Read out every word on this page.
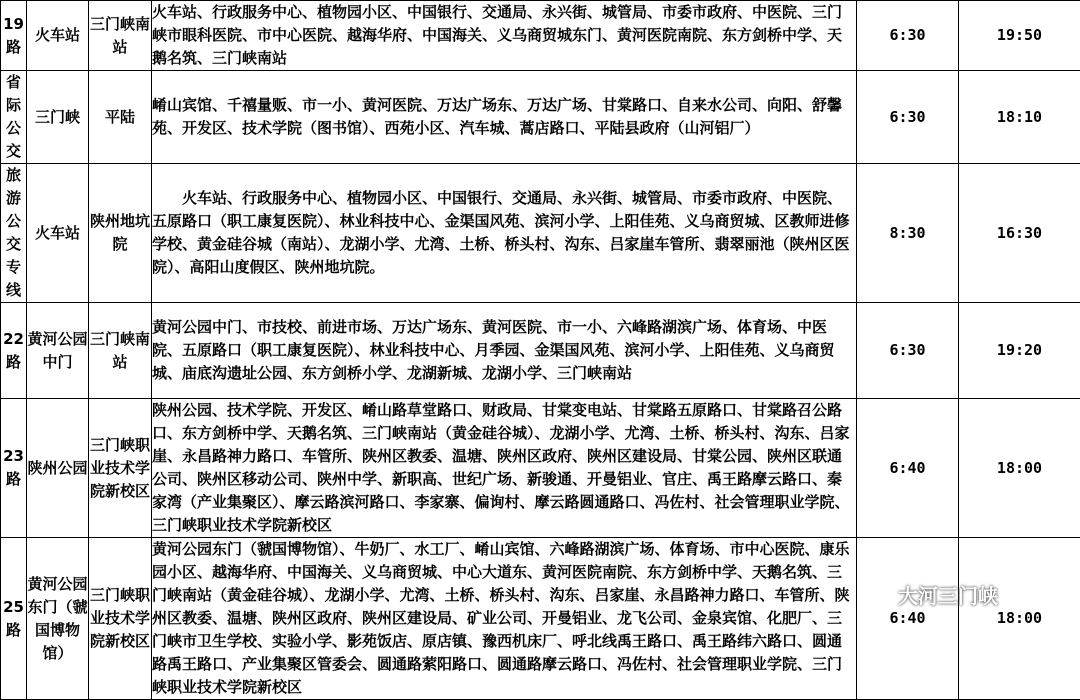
19路	火车站	三门峡南站	火车站、行政服务中心、植物园小区、中国银行、交通局、永兴街、城管局、市委市政府、中医院、三门峡市眼科医院、市中心医院、越海华府、中国海关、义乌商贸城东门、黄河医院南院、东方剑桥中学、天鹅名筑、三门峡南站	6:30	19:50
省际公交	三门峡	平陆	崤山宾馆、千禧量贩、市一小、黄河医院、万达广场东、万达广场、甘棠路口、自来水公司、向阳、舒馨苑、开发区、技术学院（图书馆）、西苑小区、汽车城、蒿店路口、平陆县政府（山河铝厂）	6:30	18:10
旅游公交专线	火车站	陕州地坑院	火车站、行政服务中心、植物园小区、中国银行、交通局、永兴街、城管局、市委市政府、中医院、五原路口（职工康复医院）、林业科技中心、金渠国风苑、滨河小学、上阳佳苑、义乌商贸城、区教师进修学校、黄金硅谷城（南站）、龙湖小学、尤湾、土桥、桥头村、沟东、吕家崖车管所、翡翠丽池（陕州区医院）、高阳山度假区、陕州地坑院。	8:30	16:30
22路	黄河公园中门	三门峡南站	黄河公园中门、市技校、前进市场、万达广场东、黄河医院、市一小、六峰路湖滨广场、体育场、中医院、五原路口（职工康复医院）、林业科技中心、月季园、金渠国风苑、滨河小学、上阳佳苑、义乌商贸城、庙底沟遗址公园、东方剑桥小学、龙湖新城、龙湖小学、三门峡南站	6:30	19:20
23路	陕州公园	三门峡职业技术学院新校区	陕州公园、技术学院、开发区、崤山路草堂路口、财政局、甘棠变电站、甘棠路五原路口、甘棠路召公路口、东方剑桥中学、天鹅名筑、三门峡南站（黄金硅谷城）、龙湖小学、尤湾、土桥、桥头村、沟东、吕家崖、永昌路神力路口、车管所、陕州区教委、温塘、陕州区政府、陕州区建设局、甘棠公园、陕州区联通公司、陕州区移动公司、陕州中学、新职高、世纪广场、新骏通、开曼铝业、官庄、禹王路摩云路口、秦家湾（产业集聚区）、摩云路滨河路口、李家寨、偏询村、摩云路圆通路口、冯佐村、社会管理职业学院、三门峡职业技术学院新校区	6:40	18:00
25路	黄河公园东门（虢国博物馆）	三门峡职业技术学院新校区	黄河公园东门（虢国博物馆）、牛奶厂、水工厂、崤山宾馆、六峰路湖滨广场、体育场、市中心医院、康乐园小区、越海华府、中国海关、义乌商贸城、中心大道东、黄河医院南院、东方剑桥中学、天鹅名筑、三门峡南站（黄金硅谷城）、龙湖小学、尤湾、土桥、桥头村、沟东、吕家崖、永昌路神力路口、车管所、陕州区教委、温塘、陕州区政府、陕州区建设局、矿业公司、开曼铝业、龙飞公司、金泉宾馆、化肥厂、三门峡市卫生学校、实验小学、影苑饭店、原店镇、豫西机床厂、呼北线禹王路口、禹王路纬六路口、圆通路禹王路口、产业集聚区管委会、圆通路萦阳路口、圆通路摩云路口、冯佐村、社会管理职业学院、三门峡职业技术学院新校区	6:40	18:00
大河三门峡
